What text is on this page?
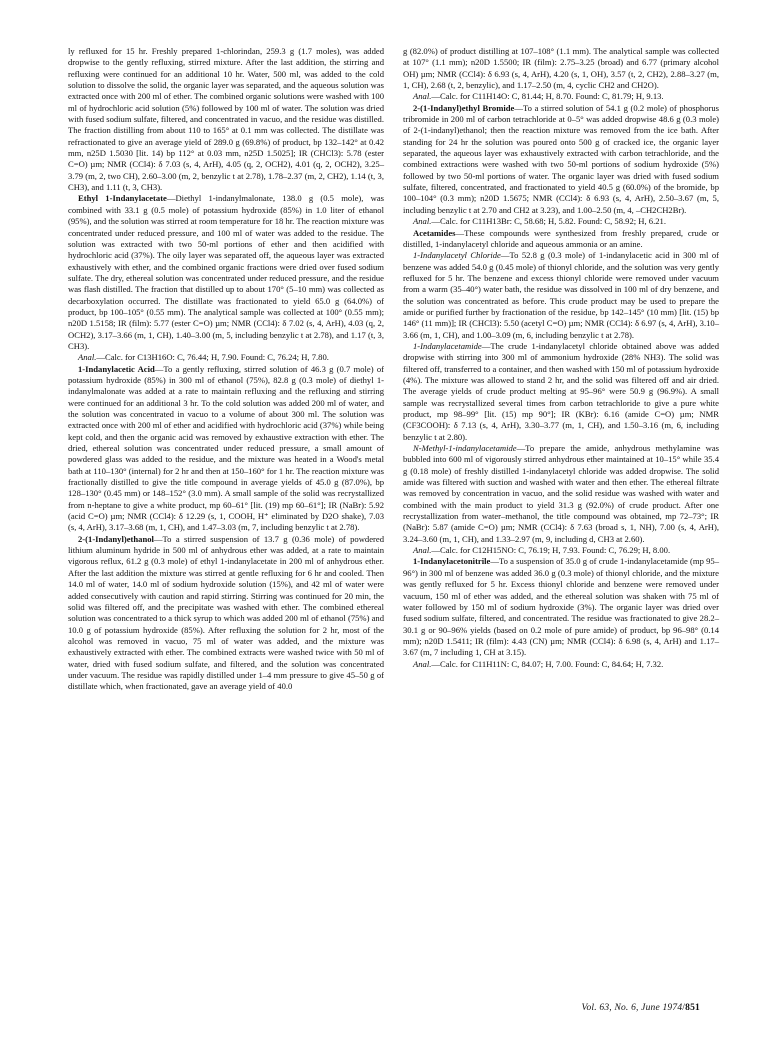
ly refluxed for 15 hr. Freshly prepared 1-chlorindan, 259.3 g (1.7 moles), was added dropwise to the gently refluxing, stirred mixture. After the last addition, the stirring and refluxing were continued for an additional 10 hr. Water, 500 ml, was added to the cold solution to dissolve the solid, the organic layer was separated, and the aqueous solution was extracted once with 200 ml of ether. The combined organic solutions were washed with 100 ml of hydrochloric acid solution (5%) followed by 100 ml of water. The solution was dried with fused sodium sulfate, filtered, and concentrated in vacuo, and the residue was distilled. The fraction distilling from about 110 to 165° at 0.1 mm was collected. The distillate was refractionated to give an average yield of 289.0 g (69.8%) of product, bp 132–142° at 0.42 mm, n25D 1.5030 [lit. 14) bp 112° at 0.03 mm, n25D 1.5025]; IR (CHCl3): 5.78 (ester C=O) µm; NMR (CCl4): δ 7.03 (s, 4, ArH), 4.05 (q, 2, OCH2), 4.01 (q, 2, OCH2), 3.25–3.79 (m, 2, two CH), 2.60–3.00 (m, 2, benzylic t at 2.78), 1.78–2.37 (m, 2, CH2), 1.14 (t, 3, CH3), and 1.11 (t, 3, CH3).

Ethyl 1-Indanylacetate—Diethyl 1-indanylmalonate, 138.0 g (0.5 mole), was combined with 33.1 g (0.5 mole) of potassium hydroxide (85%) in 1.0 liter of ethanol (95%), and the solution was stirred at room temperature for 18 hr. The reaction mixture was concentrated under reduced pressure, and 100 ml of water was added to the residue. The solution was extracted with two 50-ml portions of ether and then acidified with hydrochloric acid (37%). The oily layer was separated off, the aqueous layer was extracted exhaustively with ether, and the combined organic fractions were dried over fused sodium sulfate. The dry, ethereal solution was concentrated under reduced pressure, and the residue was flash distilled. The fraction that distilled up to about 170° (5–10 mm) was collected as decarboxylation occurred. The distillate was fractionated to yield 65.0 g (64.0%) of product, bp 100–105° (0.55 mm). The analytical sample was collected at 100° (0.55 mm); n20D 1.5158; IR (film): 5.77 (ester C=O) µm; NMR (CCl4): δ 7.02 (s, 4, ArH), 4.03 (q, 2, OCH2), 3.17–3.66 (m, 1, CH), 1.40–3.00 (m, 5, including benzylic t at 2.78), and 1.17 (t, 3, CH3).

Anal.—Calc. for C13H16O: C, 76.44; H, 7.90. Found: C, 76.24; H, 7.80.

1-Indanylacetic Acid—To a gently refluxing, stirred solution of 46.3 g (0.7 mole) of potassium hydroxide (85%) in 300 ml of ethanol (75%), 82.8 g (0.3 mole) of diethyl 1-indanylmalonate was added at a rate to maintain refluxing and the refluxing and stirring were continued for an additional 3 hr. To the cold solution was added 200 ml of water, and the solution was concentrated in vacuo to a volume of about 300 ml. The solution was extracted once with 200 ml of ether and acidified with hydrochloric acid (37%) while being kept cold, and then the organic acid was removed by exhaustive extraction with ether. The dried, ethereal solution was concentrated under reduced pressure, a small amount of powdered glass was added to the residue, and the mixture was heated in a Wood's metal bath at 110–130° (internal) for 2 hr and then at 150–160° for 1 hr. The reaction mixture was fractionally distilled to give the title compound in average yields of 45.0 g (87.0%), bp 128–130° (0.45 mm) or 148–152° (3.0 mm). A small sample of the solid was recrystallized from n-heptane to give a white product, mp 60–61° [lit. (19) mp 60–61°]; IR (NaBr): 5.92 (acid C=O) µm; NMR (CCl4): δ 12.29 (s, 1, COOH, H⁺ eliminated by D2O shake), 7.03 (s, 4, ArH), 3.17–3.68 (m, 1, CH), and 1.47–3.03 (m, 7, including benzylic t at 2.78).

2-(1-Indanyl)ethanol—To a stirred suspension of 13.7 g (0.36 mole) of powdered lithium aluminum hydride in 500 ml of anhydrous ether was added, at a rate to maintain vigorous reflux, 61.2 g (0.3 mole) of ethyl 1-indanylacetate in 200 ml of anhydrous ether. After the last addition the mixture was stirred at gentle refluxing for 6 hr and cooled. Then 14.0 ml of water, 14.0 ml of sodium hydroxide solution (15%), and 42 ml of water were added consecutively with caution and rapid stirring. Stirring was continued for 20 min, the solid was filtered off, and the precipitate was washed with ether. The combined ethereal solution was concentrated to a thick syrup to which was added 200 ml of ethanol (75%) and 10.0 g of potassium hydroxide (85%). After refluxing the solution for 2 hr, most of the alcohol was removed in vacuo, 75 ml of water was added, and the mixture was exhaustively extracted with ether. The combined extracts were washed twice with 50 ml of water, dried with fused sodium sulfate, and filtered, and the solution was concentrated under vacuum. The residue was rapidly distilled under 1–4 mm pressure to give 45–50 g of distillate which, when fractionated, gave an average yield of 40.0

g (82.0%) of product distilling at 107–108° (1.1 mm). The analytical sample was collected at 107° (1.1 mm); n20D 1.5500; IR (film): 2.75–3.25 (broad) and 6.77 (primary alcohol OH) µm; NMR (CCl4): δ 6.93 (s, 4, ArH), 4.20 (s, 1, OH), 3.57 (t, 2, CH2), 2.88–3.27 (m, 1, CH), 2.68 (t, 2, benzylic), and 1.17–2.50 (m, 4, cyclic CH2 and CH2O).

Anal.—Calc. for C11H14O: C, 81.44; H, 8.70. Found: C, 81.79; H, 9.13.

2-(1-Indanyl)ethyl Bromide—To a stirred solution of 54.1 g (0.2 mole) of phosphorus tribromide in 200 ml of carbon tetrachloride at 0–5° was added dropwise 48.6 g (0.3 mole) of 2-(1-indanyl)ethanol; then the reaction mixture was removed from the ice bath. After standing for 24 hr the solution was poured onto 500 g of cracked ice, the organic layer separated, the aqueous layer was exhaustively extracted with carbon tetrachloride, and the combined extractions were washed with two 50-ml portions of sodium hydroxide (5%) followed by two 50-ml portions of water. The organic layer was dried with fused sodium sulfate, filtered, concentrated, and fractionated to yield 40.5 g (60.0%) of the bromide, bp 100–104° (0.3 mm); n20D 1.5675; NMR (CCl4): δ 6.93 (s, 4, ArH), 2.50–3.67 (m, 5, including benzylic t at 2.70 and CH2 at 3.23), and 1.00–2.50 (m, 4, –CH2CH2Br).

Anal.—Calc. for C11H13Br: C, 58.68; H, 5.82. Found: C, 58.92; H, 6.21.

Acetamides—These compounds were synthesized from freshly prepared, crude or distilled, 1-indanylacetyl chloride and aqueous ammonia or an amine.

1-Indanylacetyl Chloride—To 52.8 g (0.3 mole) of 1-indanylacetic acid in 300 ml of benzene was added 54.0 g (0.45 mole) of thionyl chloride, and the solution was very gently refluxed for 5 hr. The benzene and excess thionyl chloride were removed under vacuum from a warm (35–40°) water bath, the residue was dissolved in 100 ml of dry benzene, and the solution was concentrated as before. This crude product may be used to prepare the amide or purified further by fractionation of the residue, bp 142–145° (10 mm) [lit. (15) bp 146° (11 mm)]; IR (CHCl3): 5.50 (acetyl C=O) µm; NMR (CCl4): δ 6.97 (s, 4, ArH), 3.10–3.66 (m, 1, CH), and 1.00–3.09 (m, 6, including benzylic t at 2.78).

1-Indanylacetamide—The crude 1-indanylacetyl chloride obtained above was added dropwise with stirring into 300 ml of ammonium hydroxide (28% NH3). The solid was filtered off, transferred to a container, and then washed with 150 ml of potassium hydroxide (4%). The mixture was allowed to stand 2 hr, and the solid was filtered off and air dried. The average yields of crude product melting at 95–96° were 50.9 g (96.9%). A small sample was recrystallized several times from carbon tetrachloride to give a pure white product, mp 98–99° [lit. (15) mp 90°]; IR (KBr): 6.16 (amide C=O) µm; NMR (CF3COOH): δ 7.13 (s, 4, ArH), 3.30–3.77 (m, 1, CH), and 1.50–3.16 (m, 6, including benzylic t at 2.80).

N-Methyl-1-indanylacetamide—To prepare the amide, anhydrous methylamine was bubbled into 600 ml of vigorously stirred anhydrous ether maintained at 10–15° while 35.4 g (0.18 mole) of freshly distilled 1-indanylacetyl chloride was added dropwise. The solid amide was filtered with suction and washed with water and then ether. The ethereal filtrate was removed by concentration in vacuo, and the solid residue was washed with water and combined with the main product to yield 31.3 g (92.0%) of crude product. After one recrystallization from water–methanol, the title compound was obtained, mp 72–73°; IR (NaBr): 5.87 (amide C=O) µm; NMR (CCl4): δ 7.63 (broad s, 1, NH), 7.00 (s, 4, ArH), 3.24–3.60 (m, 1, CH), and 1.33–2.97 (m, 9, including d, CH3 at 2.60).

Anal.—Calc. for C12H15NO: C, 76.19; H, 7.93. Found: C, 76.29; H, 8.00.

1-Indanylacetonitrile—To a suspension of 35.0 g of crude 1-indanylacetamide (mp 95–96°) in 300 ml of benzene was added 36.0 g (0.3 mole) of thionyl chloride, and the mixture was gently refluxed for 5 hr. Excess thionyl chloride and benzene were removed under vacuum, 150 ml of ether was added, and the ethereal solution was shaken with 75 ml of water followed by 150 ml of sodium hydroxide (3%). The organic layer was dried over fused sodium sulfate, filtered, and concentrated. The residue was fractionated to give 28.2–30.1 g or 90–96% yields (based on 0.2 mole of pure amide) of product, bp 96–98° (0.14 mm); n20D 1.5411; IR (film): 4.43 (CN) µm; NMR (CCl4): δ 6.98 (s, 4, ArH) and 1.17–3.67 (m, 7 including 1, CH at 3.15).

Anal.—Calc. for C11H11N: C, 84.07; H, 7.00. Found: C, 84.64; H, 7.32.

Vol. 63, No. 6, June 1974/851
